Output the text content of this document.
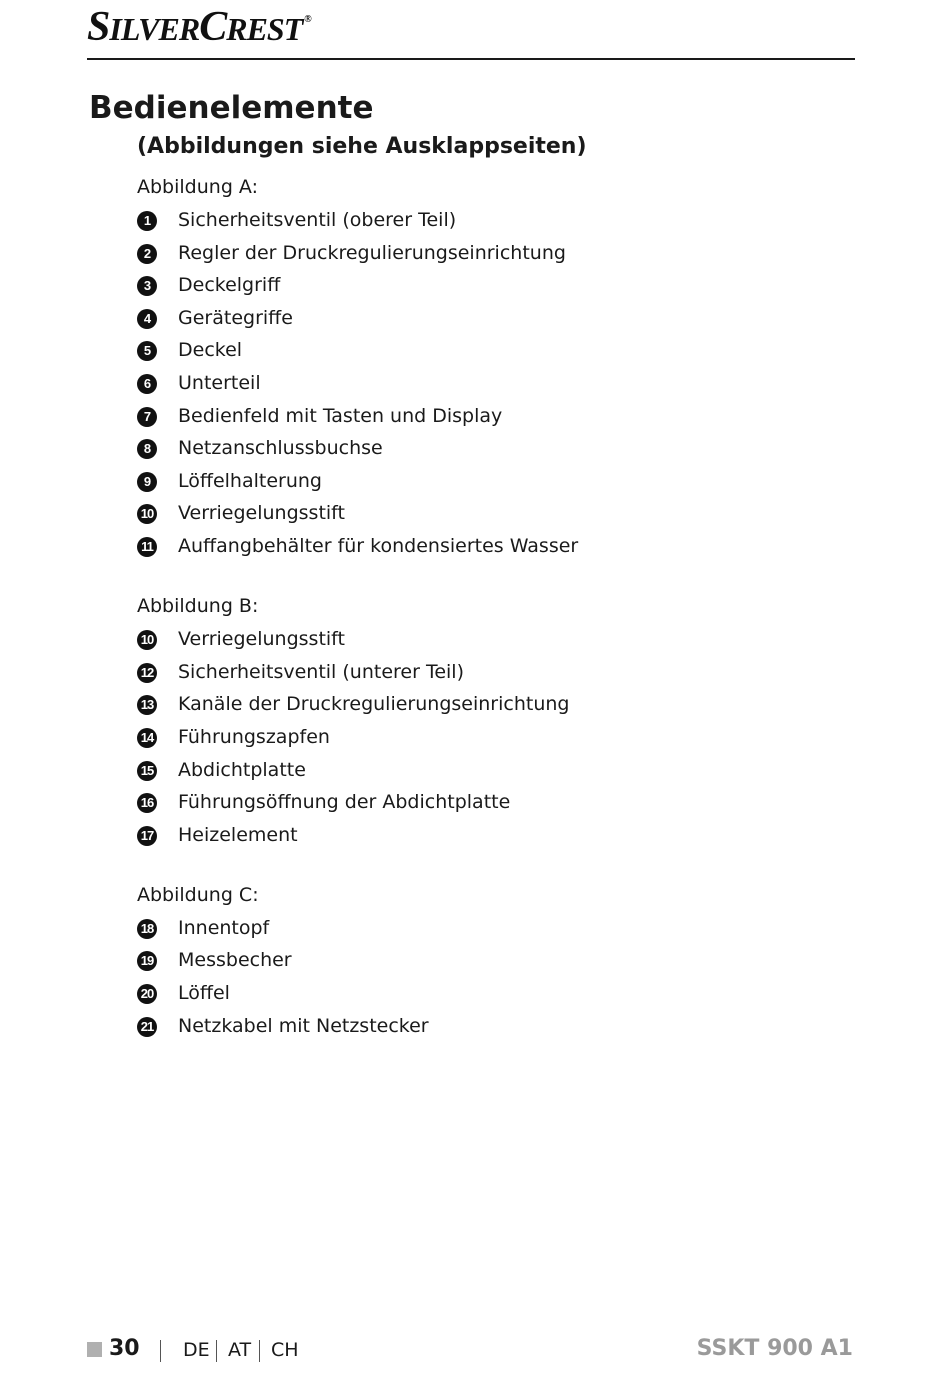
SILVERCREST ®
Bedienelemente
(Abbildungen siehe Ausklappseiten)
Abbildung A:
1	Sicherheitsventil (oberer Teil)
2	Regler der Druckregulierungseinrichtung
3	Deckelgriff
4	Gerätegriffe
5	Deckel
6	Unterteil
7	Bedienfeld mit Tasten und Display
8	Netzanschlussbuchse
9	Löffelhalterung
10 Verriegelungsstift
11 Auffangbehälter für kondensiertes Wasser
Abbildung B:
10 Verriegelungsstift
12 Sicherheitsventil (unterer Teil)
13 Kanäle der Druckregulierungseinrichtung
14 Führungszapfen
15 Abdichtplatte
16 Führungsöffnung der Abdichtplatte
17 Heizelement
Abbildung C:
18 Innentopf
19 Messbecher
20 Löffel
21 Netzkabel mit Netzstecker
30 DE AT CH	SSKT 900 A1
